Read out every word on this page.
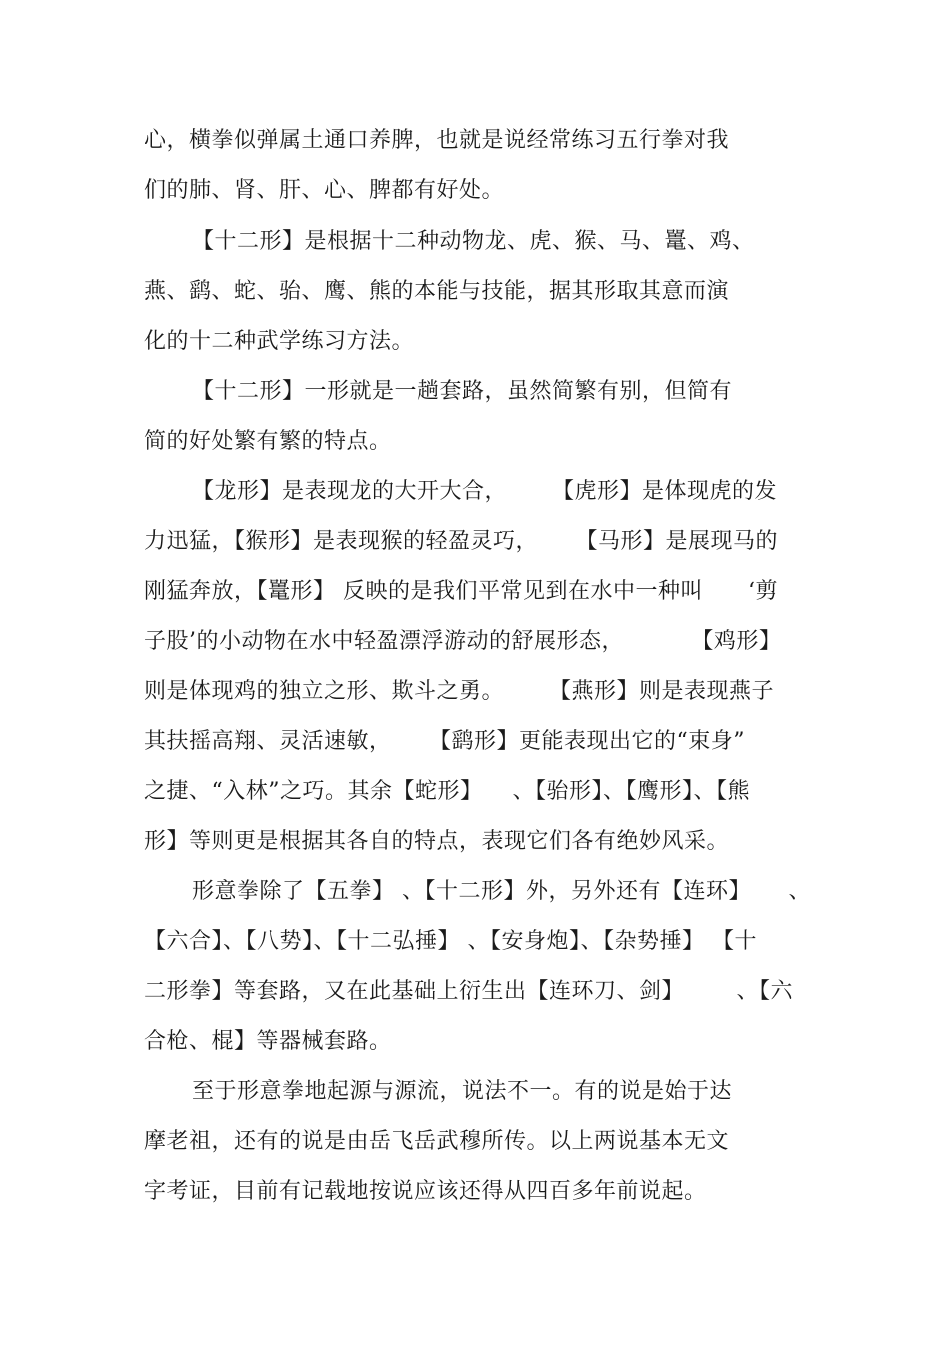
心，横拳似弹属土通口养脾，也就是说经常练习五行拳对我
们的肺、肾、肝、心、脾都有好处。
【十二形】是根据十二种动物龙、虎、猴、马、鼍、鸡、
燕、鹞、蛇、骀、鹰、熊的本能与技能，据其形取其意而演
化的十二种武学练习方法。
【十二形】一形就是一趟套路，虽然简繁有别，但简有
简的好处繁有繁的特点。
【龙形】是表现龙的大开大合，      【虎形】是体现虎的发
力迅猛，【猴形】是表现猴的轻盈灵巧，     【马形】是展现马的
刚猛奔放，【鼍形】 反映的是我们平常见到在水中一种叫      ‘剪
子股’的小动物在水中轻盈漂浮游动的舒展形态，         【鸡形】
则是体现鸡的独立之形、欺斗之勇。      【燕形】则是表现燕子
其扶摇高翔、灵活速敏，     【鹞形】更能表现出它的“束身”
之捷、“入林”之巧。其余【蛇形】    、【骀形】、【鹰形】、【熊
形】等则更是根据其各自的特点，表现它们各有绝妙风采。
形意拳除了【五拳】 、【十二形】外，另外还有【连环】     、
【六合】、【八势】、【十二弘捶】 、【安身炮】、【杂势捶】 【十
二形拳】等套路，又在此基础上衍生出【连环刀、剑】       、【六
合枪、棍】等器械套路。
至于形意拳地起源与源流，说法不一。有的说是始于达
摩老祖，还有的说是由岳飞岳武穆所传。以上两说基本无文
字考证，目前有记载地按说应该还得从四百多年前说起。
